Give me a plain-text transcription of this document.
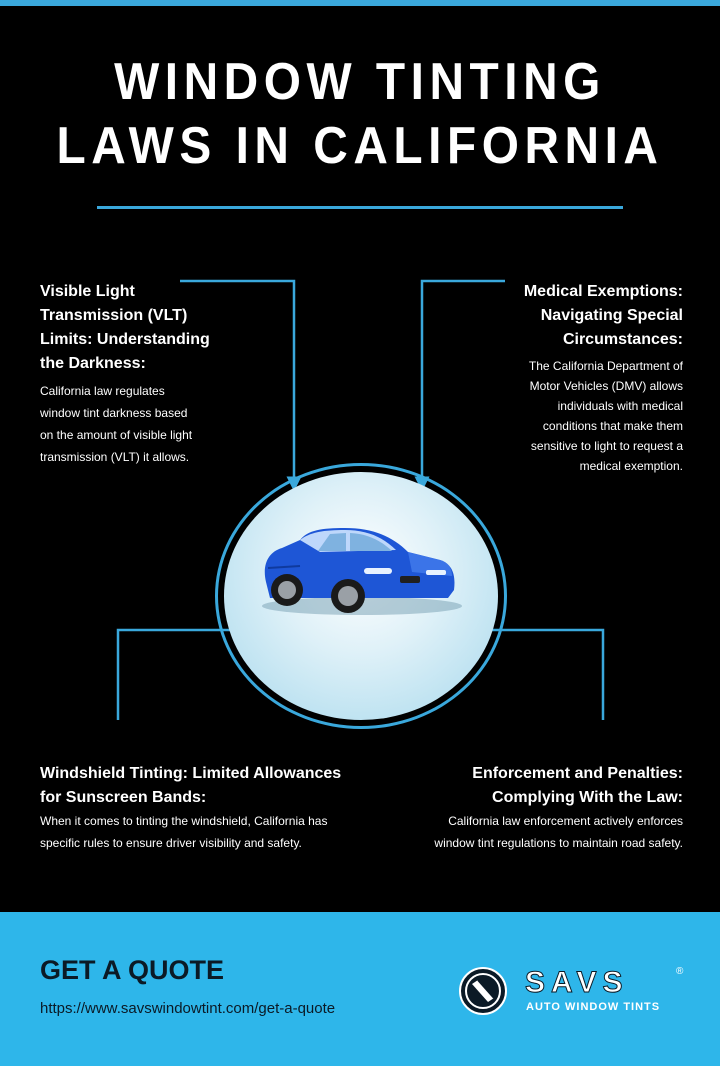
WINDOW TINTING
LAWS IN CALIFORNIA
Visible Light
Transmission (VLT)
Limits: Understanding
the Darkness:

California law regulates
window tint darkness based
on the amount of visible light
transmission (VLT) it allows.

Medical Exemptions:
Navigating Special
Circumstances:

The California Department of
Motor Vehicles (DMV) allows
individuals with medical
conditions that make them
sensitive to light to request a
medical exemption.

Windshield Tinting: Limited Allowances
for Sunscreen Bands:

When it comes to tinting the windshield, California has
specific rules to ensure driver visibility and safety.

Enforcement and Penalties:
Complying With the Law:

California law enforcement actively enforces
window tint regulations to maintain road safety.

GET A QUOTE
https://www.savswindowtint.com/get-a-quote
SAVS	®
AUTO WINDOW TINTS
